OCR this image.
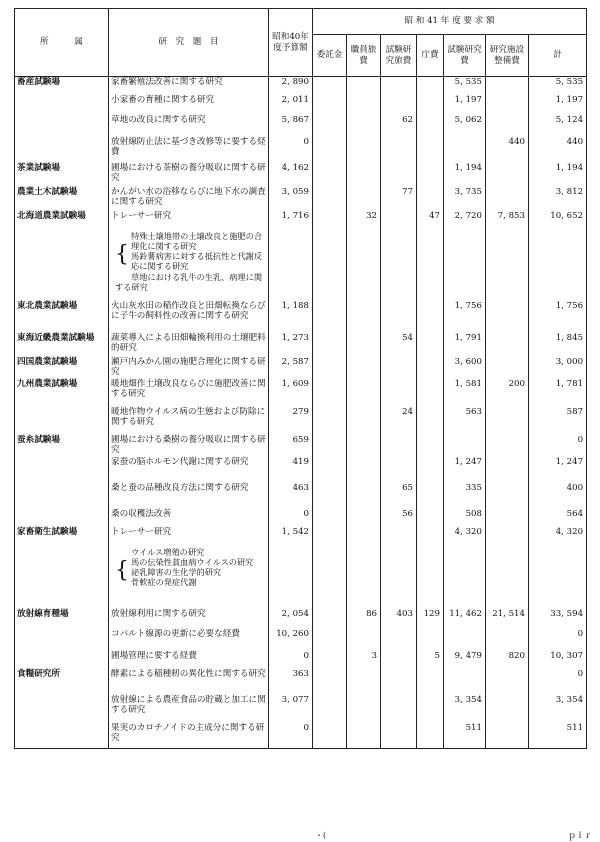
所　　　属	研　究　題　目	昭和40年　度予算額	昭 和 41 年 度 要 求 額						
			委託金	職員旅費	試験研究旅費	庁費	試験研究費	研究施設整備費	計
畜産試験場	家畜繁殖法改善に関する研究	2, 890					5, 535		5, 535
	小家畜の育種に関する研究	2, 011					1, 197		1, 197
	草地の改良に関する研究	5, 867			62		5, 062		5, 124
	放射線防止法に基づき改修等に要する経費	0						440	440
茶業試験場	圃場における茶樹の養分吸収に関する研究	4, 162					1, 194		1, 194
農業土木試験場	かんがい水の浴移ならびに地下水の調査に関する研究	3, 059			77		3, 735		3, 812
北海道農業試験場	トレーサー研究	1, 716		32		47	2, 720	7, 853	10, 652

	{
特殊土壌地帯の土壌改良と施肥の合理化に関する研究
馬鈴薯病害に対する抵抗性と代謝反応に関する研究
草地における乳牛の生乳、病理に関する研究								
東北農業試験場	火山灰水田の稲作改良と田畑転換ならびに子牛の飼料性の改善に関する研究	1, 188					1, 756		1, 756
東海近畿農業試験場	蔬菜導入による田畑輪換利用の土壌肥料的研究	1, 273			54		1, 791		1, 845
四国農業試験場	瀬戸内みかん園の施肥合理化に関する研究	2, 587					3, 600		3, 000
九州農業試験場	暖地畑作土壌改良ならびに施肥改善に関する研究	1, 609					1, 581	200	1, 781
	暖地作物ウイルス病の生態および防除に関する研究	279			24		563		587
蚕糸試験場	圃場における桑樹の養分吸収に関する研究	659							0
	家蚕の脳ホルモン代謝に関する研究	419					1, 247		1, 247
	桑と蚕の品種改良方法に関する研究	463			65		335		400
	桑の収穫法改善	0			56		508		564
家畜衛生試験場	トレーサー研究	1, 542					4, 320		4, 320

	{
ウイルス増殖の研究
馬の伝染性貧血病ウイルスの研究
泌乳障害の生化学的研究
骨軟症の発症代謝								
放射線育種場	放射線利用に関する研究	2, 054		86	403	129	11, 462	21, 514	33, 594
	コバルト線源の更新に必要な経費	10, 260							0
	圃場管理に要する経費	0		3		5	9, 479	820	10, 307
食糧研究所	酵素による稲種籾の異化性に関する研究	363							0
	放射線による農産食品の貯蔵と加工に関する研究	3, 077					3, 354		3, 354
	果実のカロチノイドの主成分に関する研究	0					511		511
・(	ｐｌｒ
